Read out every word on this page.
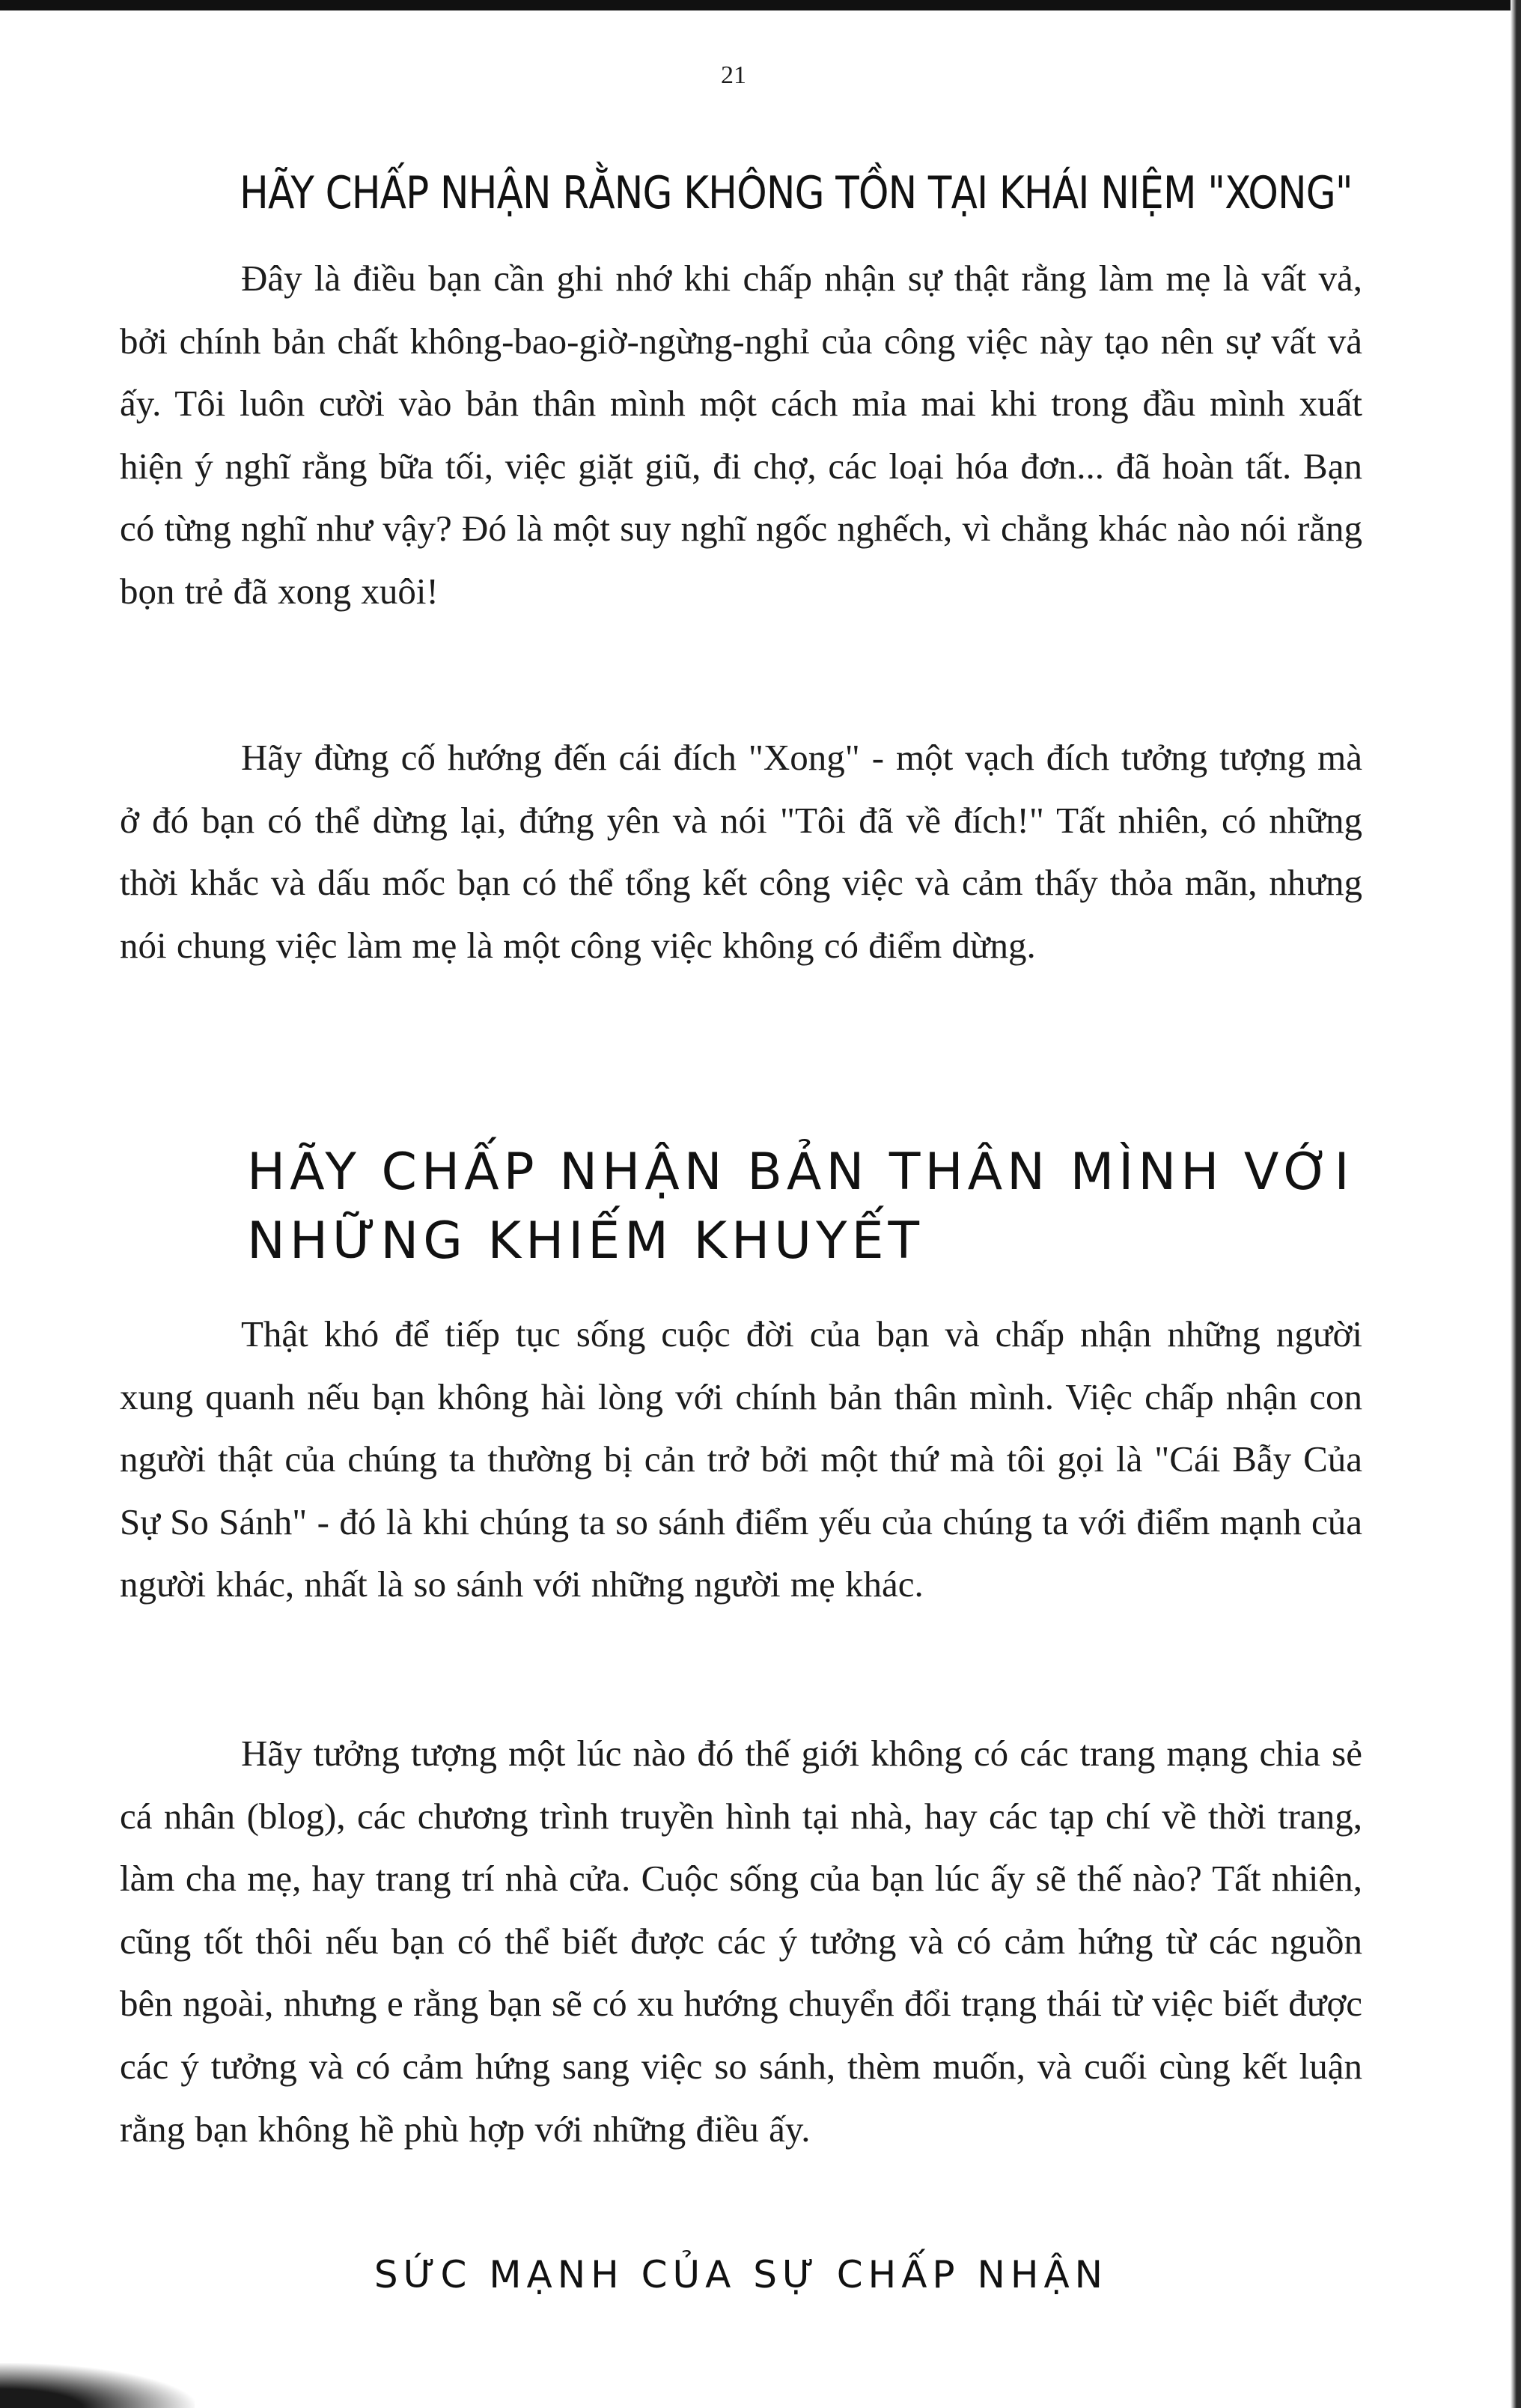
21
HÃY CHẤP NHẬN RẰNG KHÔNG TỒN TẠI KHÁI NIỆM "XONG"

Đây là điều bạn cần ghi nhớ khi chấp nhận sự thật rằng làm mẹ là vất vả, bởi chính bản chất không-bao-giờ-ngừng-nghỉ của công việc này tạo nên sự vất vả ấy. Tôi luôn cười vào bản thân mình một cách mỉa mai khi trong đầu mình xuất hiện ý nghĩ rằng bữa tối, việc giặt giũ, đi chợ, các loại hóa đơn... đã hoàn tất. Bạn có từng nghĩ như vậy? Đó là một suy nghĩ ngốc nghếch, vì chẳng khác nào nói rằng bọn trẻ đã xong xuôi!

Hãy đừng cố hướng đến cái đích "Xong" - một vạch đích tưởng tượng mà ở đó bạn có thể dừng lại, đứng yên và nói "Tôi đã về đích!" Tất nhiên, có những thời khắc và dấu mốc bạn có thể tổng kết công việc và cảm thấy thỏa mãn, nhưng nói chung việc làm mẹ là một công việc không có điểm dừng.

HÃY CHẤP NHẬN BẢN THÂN MÌNH VỚI NHỮNG KHIẾM KHUYẾT

Thật khó để tiếp tục sống cuộc đời của bạn và chấp nhận những người xung quanh nếu bạn không hài lòng với chính bản thân mình. Việc chấp nhận con người thật của chúng ta thường bị cản trở bởi một thứ mà tôi gọi là "Cái Bẫy Của Sự So Sánh" - đó là khi chúng ta so sánh điểm yếu của chúng ta với điểm mạnh của người khác, nhất là so sánh với những người mẹ khác.

Hãy tưởng tượng một lúc nào đó thế giới không có các trang mạng chia sẻ cá nhân (blog), các chương trình truyền hình tại nhà, hay các tạp chí về thời trang, làm cha mẹ, hay trang trí nhà cửa. Cuộc sống của bạn lúc ấy sẽ thế nào? Tất nhiên, cũng tốt thôi nếu bạn có thể biết được các ý tưởng và có cảm hứng từ các nguồn bên ngoài, nhưng e rằng bạn sẽ có xu hướng chuyển đổi trạng thái từ việc biết được các ý tưởng và có cảm hứng sang việc so sánh, thèm muốn, và cuối cùng kết luận rằng bạn không hề phù hợp với những điều ấy.

SỨC MẠNH CỦA SỰ CHẤP NHẬN
